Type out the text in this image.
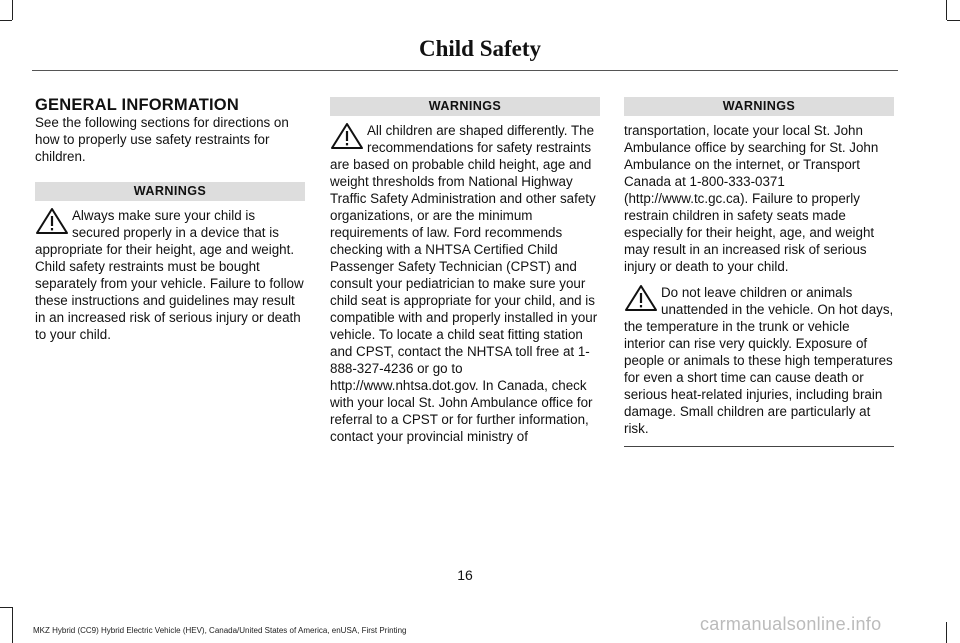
Child Safety

GENERAL INFORMATION

See the following sections for directions on how to properly use safety restraints for children.

WARNINGS

Always make sure your child is secured properly in a device that is appropriate for their height, age and weight. Child safety restraints must be bought separately from your vehicle. Failure to follow these instructions and guidelines may result in an increased risk of serious injury or death to your child.

WARNINGS

All children are shaped differently. The recommendations for safety restraints are based on probable child height, age and weight thresholds from National Highway Traffic Safety Administration and other safety organizations, or are the minimum requirements of law. Ford recommends checking with a NHTSA Certified Child Passenger Safety Technician (CPST) and consult your pediatrician to make sure your child seat is appropriate for your child, and is compatible with and properly installed in your vehicle. To locate a child seat fitting station and CPST, contact the NHTSA toll free at 1-888-327-4236 or go to http://www.nhtsa.dot.gov. In Canada, check with your local St. John Ambulance office for referral to a CPST or for further information, contact your provincial ministry of

WARNINGS

transportation, locate your local St. John Ambulance office by searching for St. John Ambulance on the internet, or Transport Canada at 1-800-333-0371 (http://www.tc.gc.ca). Failure to properly restrain children in safety seats made especially for their height, age, and weight may result in an increased risk of serious injury or death to your child.

Do not leave children or animals unattended in the vehicle. On hot days, the temperature in the trunk or vehicle interior can rise very quickly. Exposure of people or animals to these high temperatures for even a short time can cause death or serious heat-related injuries, including brain damage. Small children are particularly at risk.

16
MKZ Hybrid (CC9) Hybrid Electric Vehicle (HEV), Canada/United States of America, enUSA, First Printing	carmanualsonline.info
